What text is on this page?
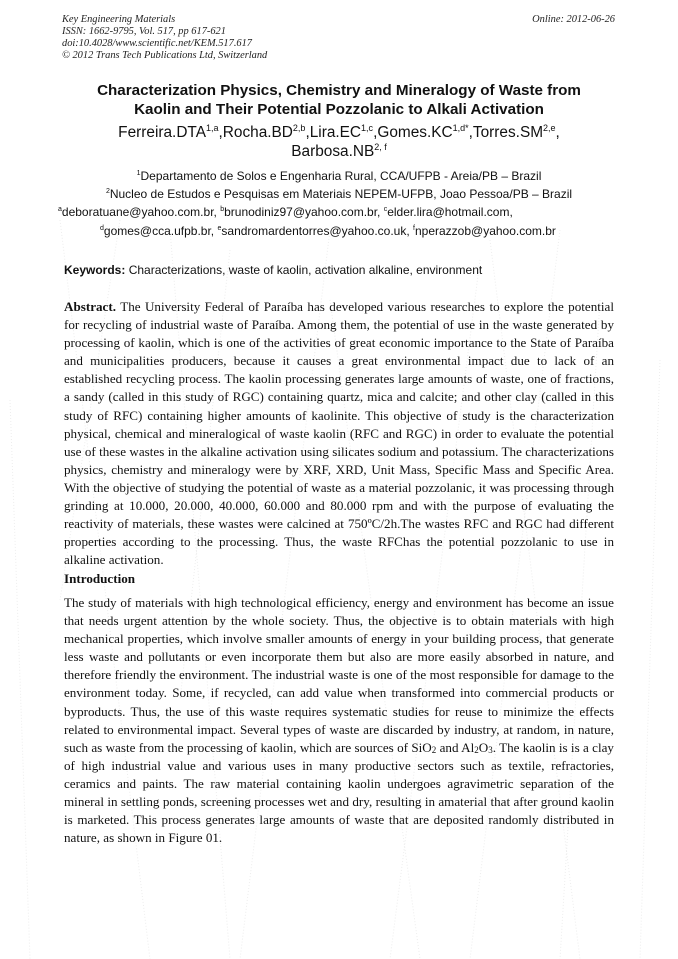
Key Engineering Materials
ISSN: 1662-9795, Vol. 517, pp 617-621
doi:10.4028/www.scientific.net/KEM.517.617
© 2012 Trans Tech Publications Ltd, Switzerland
Online: 2012-06-26
Characterization Physics, Chemistry and Mineralogy of Waste from
Kaolin and Their Potential Pozzolanic to Alkali Activation
$Ferreira.DTA^{1,a},Rocha.BD^{2,b},Lira.EC^{1,c},Gomes.KC^{1,d*},Torres.SM^{2,e}$,
Barbosa.NB$^{2, f}$
$^1$Departamento de Solos e Engenharia Rural, CCA/UFPB - Areia/PB – Brazil
$^2$Nucleo de Estudos e Pesquisas em Materiais NEPEM-UFPB, Joao Pessoa/PB – Brazil
$^a$deboratuane@yahoo.com.br, $^b$brunodiniz97@yahoo.com.br, $^c$elder.lira@hotmail.com,
$^d$gomes@cca.ufpb.br, $^e$sandromardentorres@yahoo.co.uk, $^f$nperazzob@yahoo.com.br
Keywords: Characterizations, waste of kaolin, activation alkaline, environment
Abstract. The University Federal of Paraíba has developed various researches to explore the potential for recycling of industrial waste of Paraíba. Among them, the potential of use in the waste generated by processing of kaolin, which is one of the activities of great economic importance to the State of Paraíba and municipalities producers, because it causes a great environmental impact due to lack of an established recycling process. The kaolin processing generates large amounts of waste, one of fractions, a sandy (called in this study of RGC) containing quartz, mica and calcite; and other clay (called in this study of RFC) containing higher amounts of kaolinite. This objective of study is the characterization physical, chemical and mineralogical of waste kaolin (RFC and RGC) in order to evaluate the potential use of these wastes in the alkaline activation using silicates sodium and potassium. The characterizations physics, chemistry and mineralogy were by XRF, XRD, Unit Mass, Specific Mass and Specific Area. With the objective of studying the potential of waste as a material pozzolanic, it was processing through grinding at 10.000, 20.000, 40.000, 60.000 and 80.000 rpm and with the purpose of evaluating the reactivity of materials, these wastes were calcined at 750ºC/2h.The wastes RFC and RGC had different properties according to the processing. Thus, the waste RFChas the potential pozzolanic to use in alkaline activation.
Introduction
The study of materials with high technological efficiency, energy and environment has become an issue that needs urgent attention by the whole society. Thus, the objective is to obtain materials with high mechanical properties, which involve smaller amounts of energy in your building process, that generate less waste and pollutants or even incorporate them but also are more easily absorbed in nature, and therefore friendly the environment. The industrial waste is one of the most responsible for damage to the environment today. Some, if recycled, can add value when transformed into commercial products or byproducts. Thus, the use of this waste requires systematic studies for reuse to minimize the effects related to environmental impact. Several types of waste are discarded by industry, at random, in nature, such as waste from the processing of kaolin, which are sources of SiO$_2$ and $Al_2O_3$. The kaolin is is a clay of high industrial value and various uses in many productive sectors such as textile, refractories, ceramics and paints. The raw material containing kaolin undergoes agravimetric separation of the mineral in settling ponds, screening processes wet and dry, resulting in amaterial that after ground kaolin is marketed. This process generates large amounts of waste that are deposited randomly distributed in nature, as shown in Figure 01.
